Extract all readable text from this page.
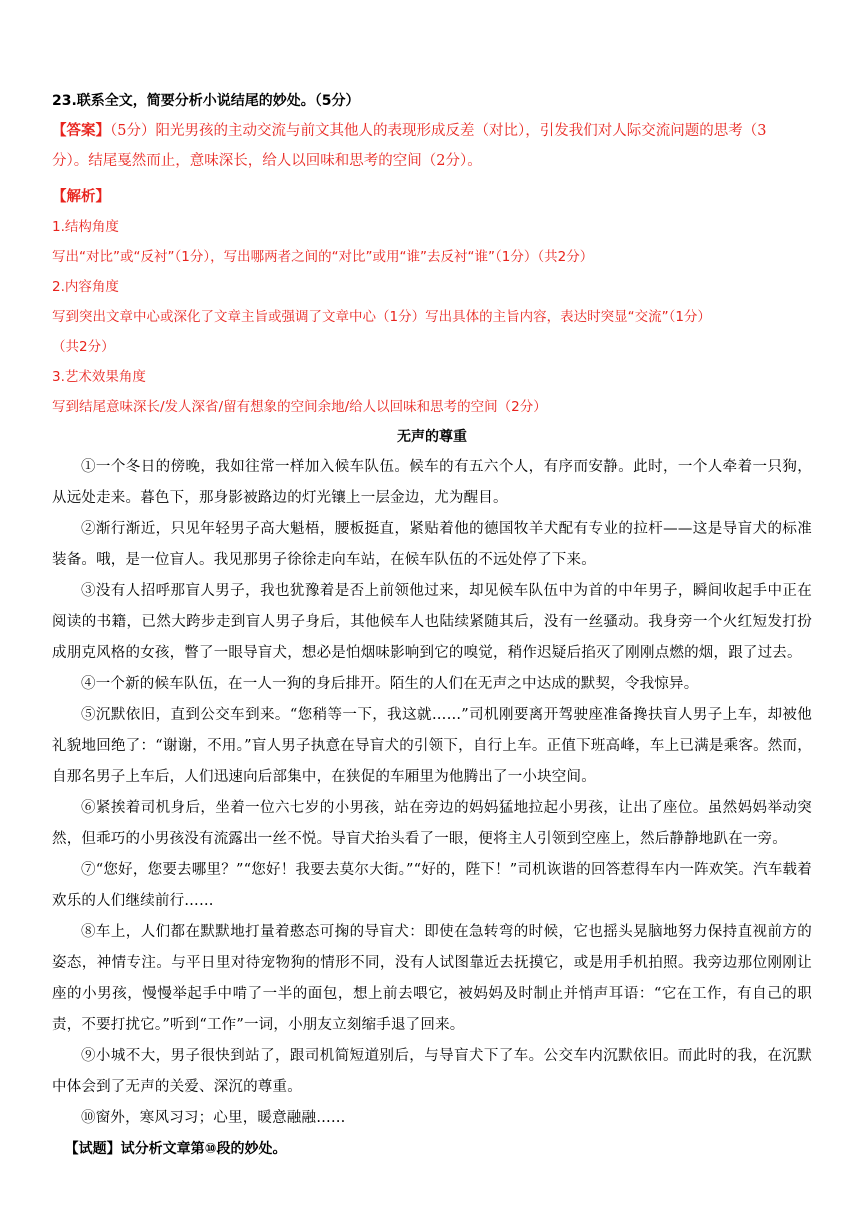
23.联系全文，简要分析小说结尾的妙处。（5分）

【答案】（5分）阳光男孩的主动交流与前文其他人的表现形成反差（对比），引发我们对人际交流问题的思考（3

分）。结尾戛然而止，意味深长，给人以回味和思考的空间（2分）。

【解析】

1.结构角度

写出“对比”或“反衬”（1分），写出哪两者之间的“对比”或用“谁”去反衬“谁”（1分）（共2分）

2.内容角度

写到突出文章中心或深化了文章主旨或强调了文章中心（1分）写出具体的主旨内容，表达时突显“交流”（1分）

（共2分）

3.艺术效果角度

写到结尾意味深长/发人深省/留有想象的空间余地/给人以回味和思考的空间（2分）

无声的尊重

①一个冬日的傍晚，我如往常一样加入候车队伍。候车的有五六个人，有序而安静。此时，一个人牵着一只狗，从远处走来。暮色下，那身影被路边的灯光镶上一层金边，尤为醒目。

②渐行渐近，只见年轻男子高大魁梧，腰板挺直，紧贴着他的德国牧羊犬配有专业的拉杆——这是导盲犬的标准装备。哦，是一位盲人。我见那男子徐徐走向车站，在候车队伍的不远处停了下来。

③没有人招呼那盲人男子，我也犹豫着是否上前领他过来，却见候车队伍中为首的中年男子，瞬间收起手中正在阅读的书籍，已然大跨步走到盲人男子身后，其他候车人也陆续紧随其后，没有一丝骚动。我身旁一个火红短发打扮成朋克风格的女孩，瞥了一眼导盲犬，想必是怕烟味影响到它的嗅觉，稍作迟疑后掐灭了刚刚点燃的烟，跟了过去。

④一个新的候车队伍，在一人一狗的身后排开。陌生的人们在无声之中达成的默契，令我惊异。

⑤沉默依旧，直到公交车到来。“您稍等一下，我这就……”司机刚要离开驾驶座准备搀扶盲人男子上车，却被他礼貌地回绝了：“谢谢，不用。”盲人男子执意在导盲犬的引领下，自行上车。正值下班高峰，车上已满是乘客。然而，自那名男子上车后，人们迅速向后部集中，在狭促的车厢里为他腾出了一小块空间。

⑥紧挨着司机身后，坐着一位六七岁的小男孩，站在旁边的妈妈猛地拉起小男孩，让出了座位。虽然妈妈举动突然，但乖巧的小男孩没有流露出一丝不悦。导盲犬抬头看了一眼，便将主人引领到空座上，然后静静地趴在一旁。

⑦“您好，您要去哪里？”“您好！我要去莫尔大街。”“好的，陛下！”司机诙谐的回答惹得车内一阵欢笑。汽车载着欢乐的人们继续前行……

⑧车上，人们都在默默地打量着憨态可掬的导盲犬：即使在急转弯的时候，它也摇头晃脑地努力保持直视前方的姿态，神情专注。与平日里对待宠物狗的情形不同，没有人试图靠近去抚摸它，或是用手机拍照。我旁边那位刚刚让座的小男孩，慢慢举起手中啃了一半的面包，想上前去喂它，被妈妈及时制止并悄声耳语：“它在工作，有自己的职责，不要打扰它。”听到“工作”一词，小朋友立刻缩手退了回来。

⑨小城不大，男子很快到站了，跟司机简短道别后，与导盲犬下了车。公交车内沉默依旧。而此时的我，在沉默中体会到了无声的关爱、深沉的尊重。

⑩窗外，寒风习习；心里，暖意融融……

【试题】试分析文章第⑩段的妙处。
